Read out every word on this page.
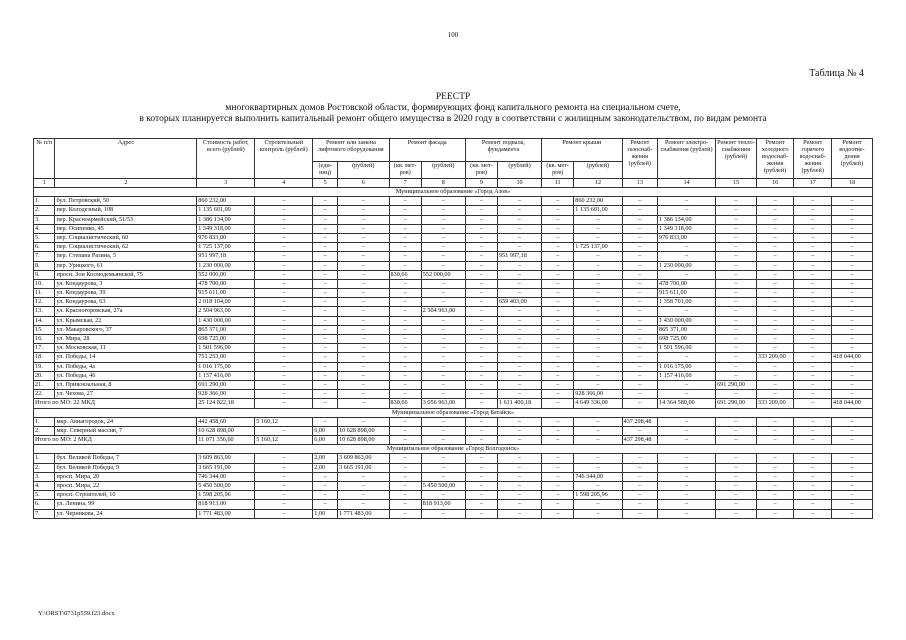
100
Таблица № 4
РЕЕСТР
многоквартирных домов Ростовской области, формирующих фонд капитального ремонта на специальном счете,
в которых планируется выполнить капитальный ремонт общего имущества в 2020 году в соответствии с жилищным законодательством, по видам ремонта
№ п/п	Адрес	Стоимость работ, всего (рублей)	Строительный контроль (рублей)	Ремонт или замена лифтового оборудования		Ремонт фасада		Ремонт подвала, фундамента		Ремонт крыши		Ремонт газоснаб-жения (рублей)	Ремонт электро-снабжения (рублей)	Ремонт тепло-снабжения (рублей)	Ремонт холодного водоснаб-жения (рублей)	Ремонт горячего водоснаб-жения (рублей)	Ремонт водоотве-дения (рублей)
				(еди-ниц)	(рублей)	(кв. мет-ров)	(рублей)	(кв. мет-ров)	(рублей)	(кв. мет-ров)	(рублей)						
1	2	3	4	5	6	7	8	9	10	11	12	13	14	15	16	17	18
Муниципальное образование «Город Азов»																	
1.	бул. Петровский, 50	860 232,00	–	–	–	–	–	–	–	–	860 232,00	–	–	–	–	–	–
2.	пер. Колодезный, 108	1 135 601,00	–	–	–	–	–	–	–	–	1 135 601,00	–	–	–	–	–	–
3.	пер. Красноармейский, 51/53	1 386 134,00	–	–	–	–	–	–	–	–	–	–	1 386 134,00	–	–	–	–
4.	пер. Осипенко, 45	1 349 318,00	–	–	–	–	–	–	–	–	–	–	1 349 318,00	–	–	–	–
5.	пер. Социалистический, 60	976 833,00	–	–	–	–	–	–	–	–	–	–	976 833,00	–	–	–	–
6.	пер. Социалистический, 62	1 725 137,00	–	–	–	–	–	–	–	–	1 725 137,00	–	–	–	–	–	–
7.	пер. Степана Разина, 5	951 997,18	–	–	–	–	–	–	951 997,18	–	–	–	–	–	–	–	–
8.	пер. Урицкого, 61	1 230 000,00	–	–	–	–	–	–	–	–	–	–	1 230 000,00	–	–	–	–
9.	просп. Зои Космодемьянской, 75	552 000,00	–	–	–	830,66	552 000,00	–	–	–	–	–	–	–	–	–	–
10.	ул. Кондаурова, 3	478 700,00	–	–	–	–	–	–	–	–	–	–	478 700,00	–	–	–	–
11.	ул. Кондаурова, 39	915 611,00	–	–	–	–	–	–	–	–	–	–	915 611,00	–	–	–	–
12.	ул. Кондаурова, 63	2 018 104,00	–	–	–	–	–	–	659 403,00	–	–	–	1 358 701,00	–	–	–	–
13.	ул. Красногоровская, 27а	2 504 963,00	–	–	–	–	2 504 963,00	–	–	–	–	–	–	–	–	–	–
14.	ул. Крымская, 22	1 430 000,00	–	–	–	–	–	–	–	–	–	–	1 430 000,00	–	–	–	–
15.	ул. Макаровского, 37	865 371,00	–	–	–	–	–	–	–	–	–	–	865 371,00	–	–	–	–
16.	ул. Мира, 28	698 725,00	–	–	–	–	–	–	–	–	–	–	698 725,00	–	–	–	–
17.	ул. Московская, 11	1 501 596,00	–	–	–	–	–	–	–	–	–	–	1 501 596,00	–	–	–	–
18.	ул. Победы, 14	751 253,00	–	–	–	–	–	–	–	–	–	–	–	–	333 209,00	–	418 044,00
19.	ул. Победы, 4а	1 016 175,00	–	–	–	–	–	–	–	–	–	–	1 016 175,00	–	–	–	–
20.	ул. Победы, 46	1 157 416,00	–	–	–	–	–	–	–	–	–	–	1 157 416,00	–	–	–	–
21.	ул. Привокзальная, 8	691 290,00	–	–	–	–	–	–	–	–	–	–	–	691 290,00	–	–	–
22.	ул. Чехова, 27	928 366,00	–	–	–	–	–	–	–	–	928 366,00	–	–	–	–	–	–
Итого по МО: 22 МКД		25 124 822,18	–	–	–	830,66	3 056 963,00	–	1 611 400,18	–	4 649 336,00	–	14 364 580,00	691 290,00	333 209,00	–	418 044,00
Муниципальное образование «Город Батайск»																	
1.	мкр. Авиагородок, 24	442 458,60	5 160,12	–	–	–	–	–	–	–	–	437 298,48	–	–	–	–	–
2.	мкр. Северный массив, 7	10 628 898,00	–	6,00	10 628 898,00	–	–	–	–	–	–	–	–	–	–	–	–
Итого по МО: 2 МКД		11 071 356,60	5 160,12	6,00	10 628 898,00	–	–	–	–	–	–	437 298,48	–	–	–	–	–
Муниципальное образование «Город Волгодонск»																	
1.	бул. Великой Победы, 7	3 609 863,00	–	2,00	3 609 863,00	–	–	–	–	–	–	–	–	–	–	–	–
2.	бул. Великой Победы, 9	3 665 191,00	–	2,00	3 665 191,00	–	–	–	–	–	–	–	–	–	–	–	–
3.	просп. Мира, 20	746 344,00	–	–	–	–	–	–	–	–	746 344,00	–	–	–	–	–	–
4.	просп. Мира, 22	5 450 500,00	–	–	–	–	5 450 500,00	–	–	–	–	–	–	–	–	–	–
5.	просп. Строителей, 10	1 598 205,96	–	–	–	–	–	–	–	–	1 598 205,96	–	–	–	–	–	–
6.	ул. Ленина, 99	818 913,00	–	–	–	–	818 913,00	–	–	–	–	–	–	–	–	–	–
7.	ул. Черникова, 24	1 771 483,00	–	1,00	1 771 483,00	–	–	–	–	–	–	–	–	–	–	–	–
Y:\ORST\0731p559.f23.docx
